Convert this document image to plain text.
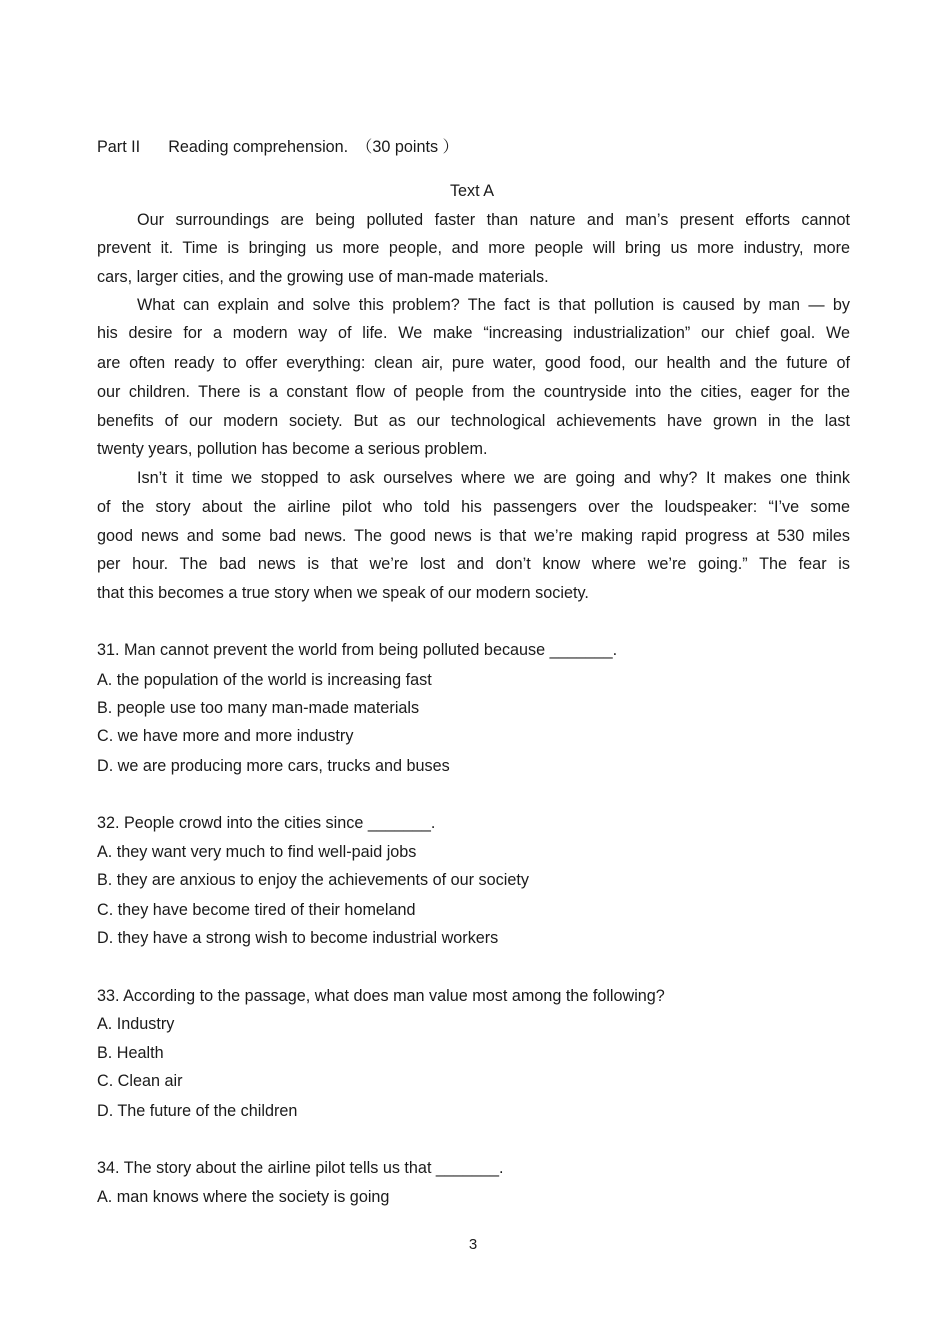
Part II Reading comprehension. （30 points ）
Text A
Our surroundings are being polluted faster than nature and man’s present efforts cannot
prevent it. Time is bringing us more people, and more people will bring us more industry, more
cars, larger cities, and the growing use of man-made materials.
What can explain and solve this problem? The fact is that pollution is caused by man — by
his desire for a modern way of life. We make “increasing industrialization” our chief goal. We
are often ready to offer everything: clean air, pure water, good food, our health and the future of
our children. There is a constant flow of people from the countryside into the cities, eager for the
benefits of our modern society. But as our technological achievements have grown in the last
twenty years, pollution has become a serious problem.
Isn’t it time we stopped to ask ourselves where we are going and why? It makes one think
of the story about the airline pilot who told his passengers over the loudspeaker: “I’ve some
good news and some bad news. The good news is that we’re making rapid progress at 530 miles
per hour. The bad news is that we’re lost and don’t know where we’re going.” The fear is
that this becomes a true story when we speak of our modern society.
31. Man cannot prevent the world from being polluted because _______.
A. the population of the world is increasing fast
B. people use too many man-made materials
C. we have more and more industry
D. we are producing more cars, trucks and buses
32. People crowd into the cities since _______.
A. they want very much to find well-paid jobs
B. they are anxious to enjoy the achievements of our society
C. they have become tired of their homeland
D. they have a strong wish to become industrial workers
33. According to the passage, what does man value most among the following?
A. Industry
B. Health
C. Clean air
D. The future of the children
34. The story about the airline pilot tells us that _______.
A. man knows where the society is going
3
